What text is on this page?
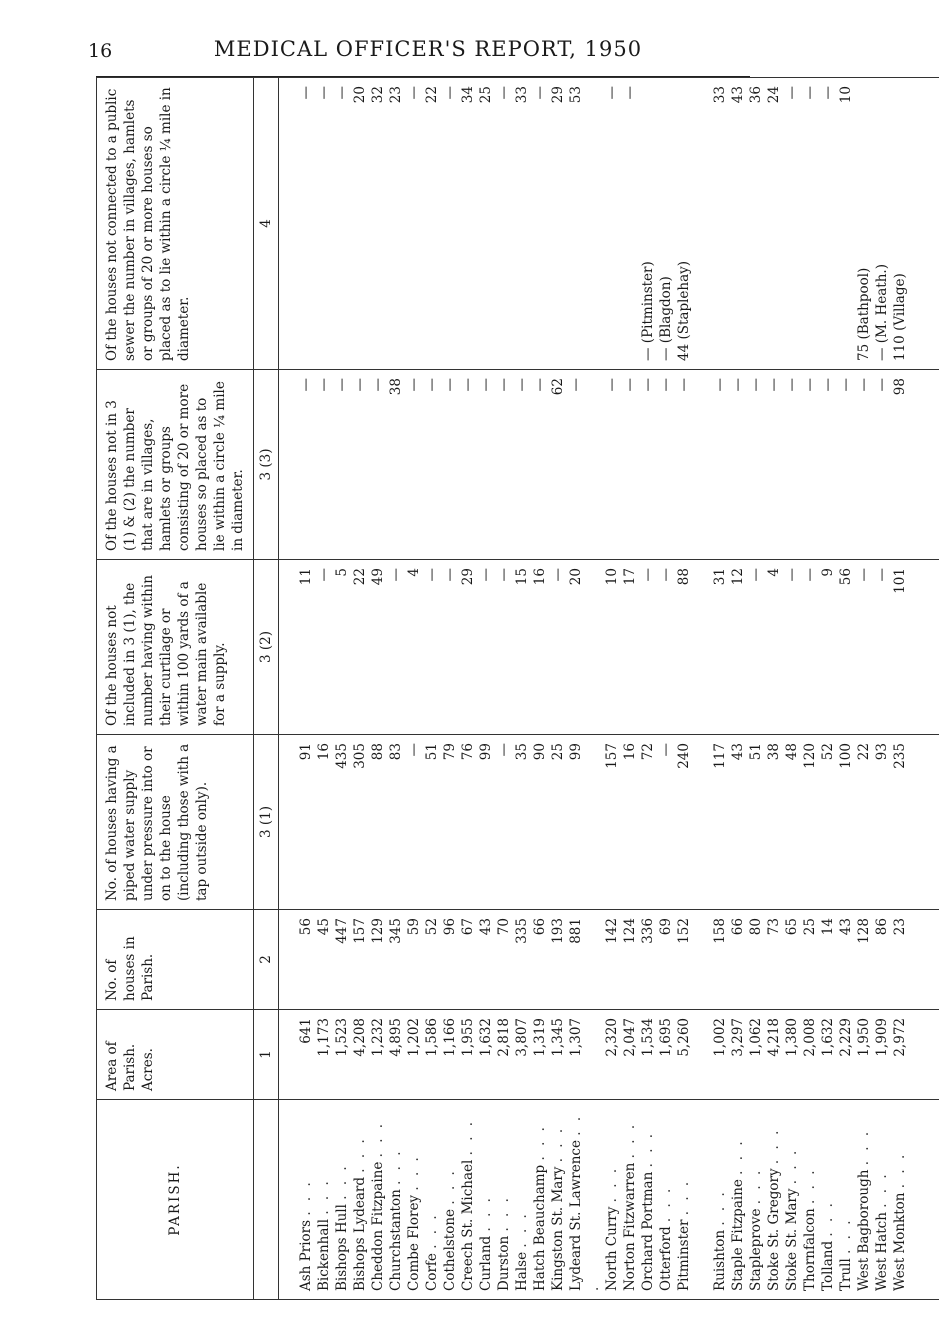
16	MEDICAL OFFICER'S REPORT, 1950
PARISH.	Area of Parish. Acres.	No. of houses in Parish.	No. of houses having a piped water supply under pressure into or on to the house (including those with a tap outside only).	Of the houses not included in 3 (1), the number having within their curtilage or within 100 yards of a water main available for a supply.	Of the houses not in 3 (1) & (2) the number that are in villages, hamlets or groups consisting of 20 or more houses so placed as to lie within a circle ¼ mile in diameter.	Of the houses not connected to a public sewer the number in villages, hamlets or groups of 20 or more houses so placed as to lie within a circle ¼ mile in diameter.
	1	2	3 (1)	3 (2)	3 (3)	4

Ash Priors . . .	641	56	91	11	—	—
Bickenhall . . .	1,173	45	16	—	—	—
Bishops Hull . . .	1,523	447	435	5	—	—
Bishops Lydeard . . .	4,208	157	305	22	—	20
Cheddon Fitzpaine . . .	1,232	129	88	49	—	32
Churchstanton . . .	4,895	345	83	—	38	23
Combe Florey . . .	1,202	59	—	4	—	—
Corfe . . .	1,586	52	51	—	—	22
Cothelstone . . .	1,166	96	79	—	—	—
Creech St. Michael . . .	1,955	67	76	29	—	34
Curland . . .	1,632	43	99	—	—	25
Durston . . .	2,818	70	—	—	—	—
Halse . . .	3,807	335	35	15	—	33
Hatch Beauchamp . . .	1,319	66	90	16	—	—
Kingston St. Mary . . .	1,345	193	25	—	62	29
Lydeard St. Lawrence . . .	1,307	881	99	20	—	53
North Curry . . .	2,320	142	157	10	—	—
Norton Fitzwarren . . .	2,047	124	16	17	—	—
Orchard Portman . . .	1,534	336	72	—	—	— (Pitminster)
Otterford . . .	1,695	69	—	—	—	— (Blagdon)
Pitminster . . .	5,260	152	240	88	—	44 (Staplehay)

Ruishton . . .	1,002	158	117	31	—	33
Staple Fitzpaine . . .	3,297	66	43	12	—	43
Stapleprove . . .	1,062	80	51	—	—	36
Stoke St. Gregory . . .	4,218	73	38	4	—	24
Stoke St. Mary . . .	1,380	65	48	—	—	—
Thornfalcon . . .	2,008	25	120	—	—	—
Tolland . . .	1,632	14	52	9	—	—
Trull . . .	2,229	43	100	56	—	10
West Bagborough . . .	1,950	128	22	—	—	75 (Bathpool)
West Hatch . . .	1,909	86	93	—	—	— (M. Heath.)
West Monkton . . .	2,972	23	235	101	98	110 (Village)
